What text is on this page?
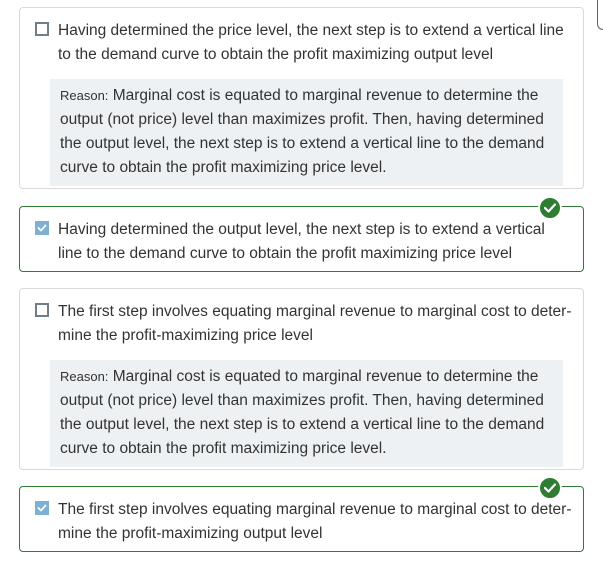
Having determined the price level, the next step is to extend a vertical line to the demand curve to obtain the profit maximizing output level
Reason: Marginal cost is equated to marginal revenue to determine the output (not price) level than maximizes profit. Then, having determined the output level, the next step is to extend a vertical line to the demand curve to obtain the profit maximizing price level.
Having determined the output level, the next step is to extend a vertical line to the demand curve to obtain the profit maximizing price level
The first step involves equating marginal revenue to marginal cost to deter-mine the profit-maximizing price level
Reason: Marginal cost is equated to marginal revenue to determine the output (not price) level than maximizes profit. Then, having determined the output level, the next step is to extend a vertical line to the demand curve to obtain the profit maximizing price level.
The first step involves equating marginal revenue to marginal cost to deter-mine the profit-maximizing output level
